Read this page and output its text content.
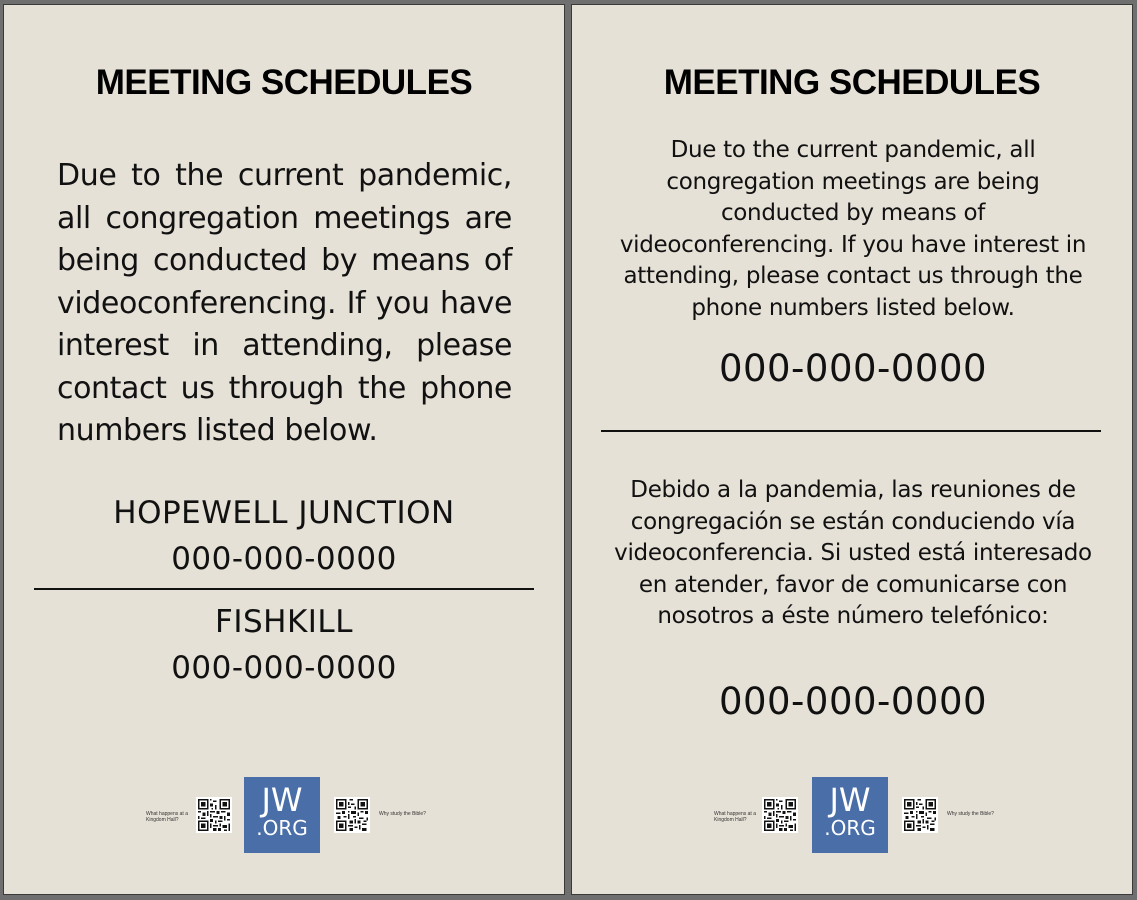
MEETING SCHEDULES
Due to the current pandemic, all congregation meetings are being conducted by means of videoconferencing. If you have interest in attending, please contact us through the phone numbers listed below.
HOPEWELL JUNCTION
000-000-0000
FISHKILL
000-000-0000
What happens at a Kingdom Hall?
JW
.ORG
Why study the Bible?
MEETING SCHEDULES
Due to the current pandemic, all congregation meetings are being conducted by means of videoconferencing. If you have interest in attending, please contact us through the phone numbers listed below.
000-000-0000
Debido a la pandemia, las reuniones de congregación se están conduciendo vía videoconferencia. Si usted está interesado en atender, favor de comunicarse con nosotros a éste número telefónico:
000-000-0000
What happens at a Kingdom Hall?
JW
.ORG
Why study the Bible?
